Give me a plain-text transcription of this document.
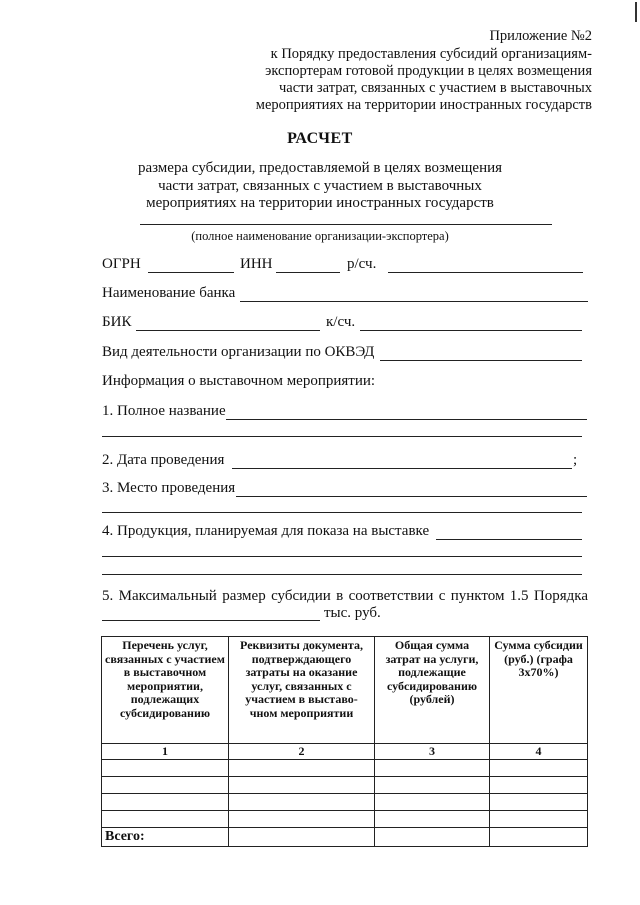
Приложение №2
к Порядку предоставления субсидий организациям-
экспортерам готовой продукции в целях возмещения
части затрат, связанных с участием в выставочных
мероприятиях на территории иностранных государств
РАСЧЕТ
размера субсидии, предоставляемой в целях возмещения
части затрат, связанных с участием в выставочных
мероприятиях на территории иностранных государств
(полное наименование организации-экспортера)
ОГРН	ИНН	р/сч.
Наименование банка
БИК	к/сч.
Вид деятельности организации по ОКВЭД
Информация о выставочном мероприятии:
1. Полное название
2. Дата проведения	;
3. Место проведения
4. Продукция, планируемая для показа на выставке
5. Максимальный размер субсидии в соответствии с пунктом 1.5 Порядка
тыс. руб.
Перечень услуг, связанных с участием в выставочном мероприятии, подлежащих субсидированию	Реквизиты документа, подтверждающего затраты на оказание услуг, связанных с участием в выставо-чном мероприятии	Общая сумма затрат на услуги, подлежащие субсидированию (рублей)	Сумма субсидии (руб.) (графа 3х70%)
1	2	3	4

Всего:			
